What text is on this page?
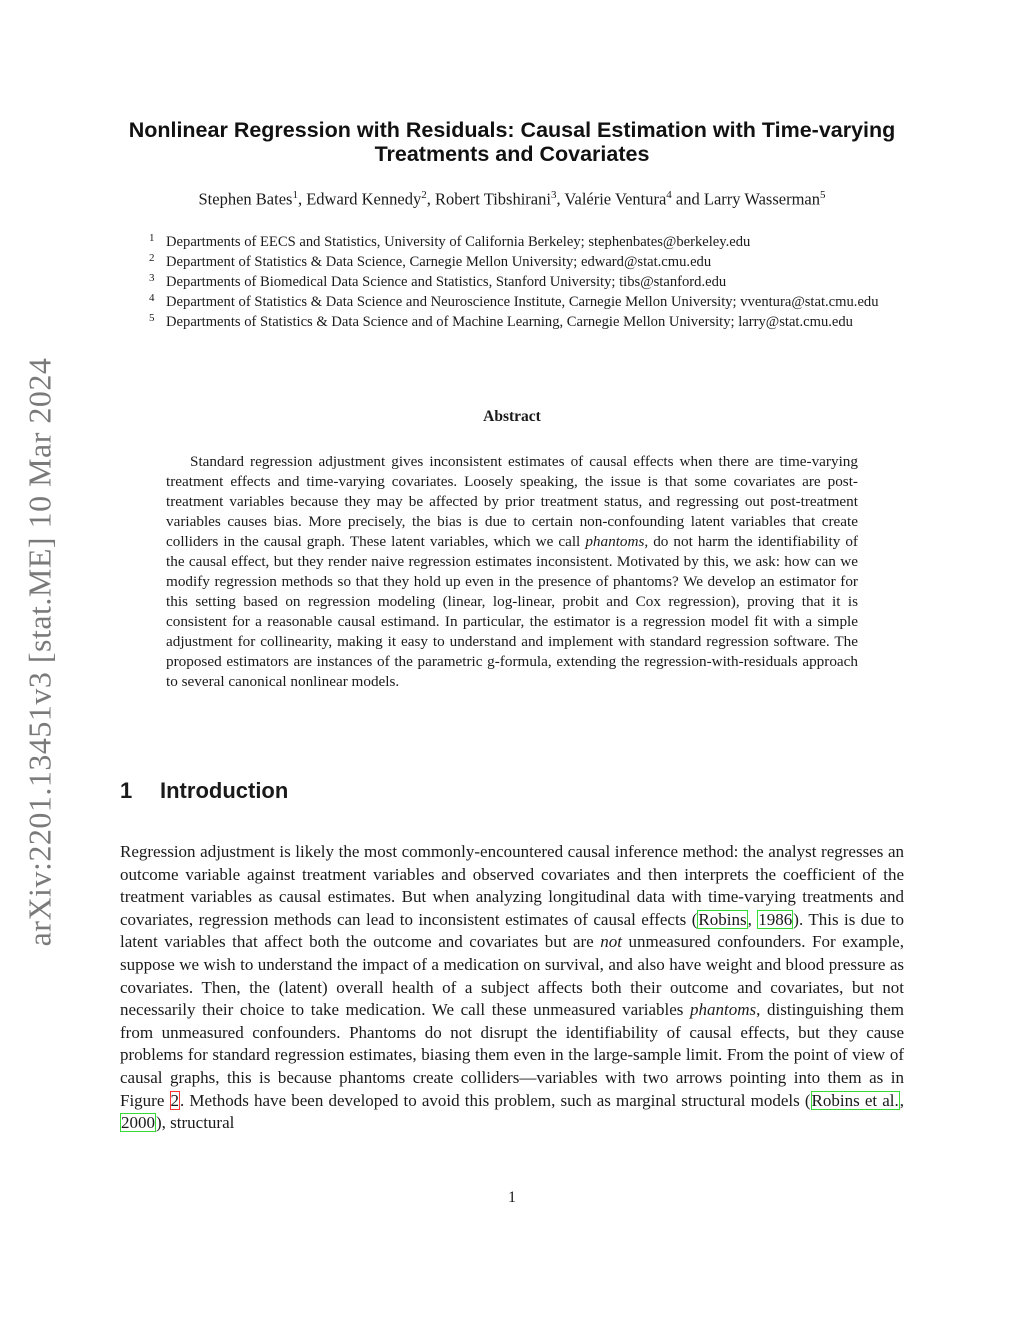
arXiv:2201.13451v3 [stat.ME] 10 Mar 2024
Nonlinear Regression with Residuals: Causal Estimation with Time-varying Treatments and Covariates
Stephen Bates$^1$, Edward Kennedy$^2$, Robert Tibshirani$^3$, Valérie Ventura$^4$ and Larry Wasserman$^5$
1 Departments of EECS and Statistics, University of California Berkeley; stephenbates@berkeley.edu
2 Department of Statistics & Data Science, Carnegie Mellon University; edward@stat.cmu.edu
3 Departments of Biomedical Data Science and Statistics, Stanford University; tibs@stanford.edu
4 Department of Statistics & Data Science and Neuroscience Institute, Carnegie Mellon University; vventura@stat.cmu.edu
5 Departments of Statistics & Data Science and of Machine Learning, Carnegie Mellon University; larry@stat.cmu.edu
Abstract

Standard regression adjustment gives inconsistent estimates of causal effects when there are time-varying treatment effects and time-varying covariates. Loosely speaking, the issue is that some covariates are post-treatment variables because they may be affected by prior treatment status, and regressing out post-treatment variables causes bias. More precisely, the bias is due to certain non-confounding latent variables that create colliders in the causal graph. These latent variables, which we call phantoms, do not harm the identifiability of the causal effect, but they render naive regression estimates inconsistent. Motivated by this, we ask: how can we modify regression methods so that they hold up even in the presence of phantoms? We develop an estimator for this setting based on regression modeling (linear, log-linear, probit and Cox regression), proving that it is consistent for a reasonable causal estimand. In particular, the estimator is a regression model fit with a simple adjustment for collinearity, making it easy to understand and implement with standard regression software. The proposed estimators are instances of the parametric g-formula, extending the regression-with-residuals approach to several canonical nonlinear models.

1 Introduction

Regression adjustment is likely the most commonly-encountered causal inference method: the analyst regresses an outcome variable against treatment variables and observed covariates and then interprets the coefficient of the treatment variables as causal estimates. But when analyzing longitudinal data with time-varying treatments and covariates, regression methods can lead to inconsistent estimates of causal effects (Robins, 1986). This is due to latent variables that affect both the outcome and covariates but are not unmeasured confounders. For example, suppose we wish to understand the impact of a medication on survival, and also have weight and blood pressure as covariates. Then, the (latent) overall health of a subject affects both their outcome and covariates, but not necessarily their choice to take medication. We call these unmeasured variables phantoms, distinguishing them from unmeasured confounders. Phantoms do not disrupt the identifiability of causal effects, but they cause problems for standard regression estimates, biasing them even in the large-sample limit. From the point of view of causal graphs, this is because phantoms create colliders—variables with two arrows pointing into them as in Figure 2. Methods have been developed to avoid this problem, such as marginal structural models (Robins et al., 2000), structural

1
